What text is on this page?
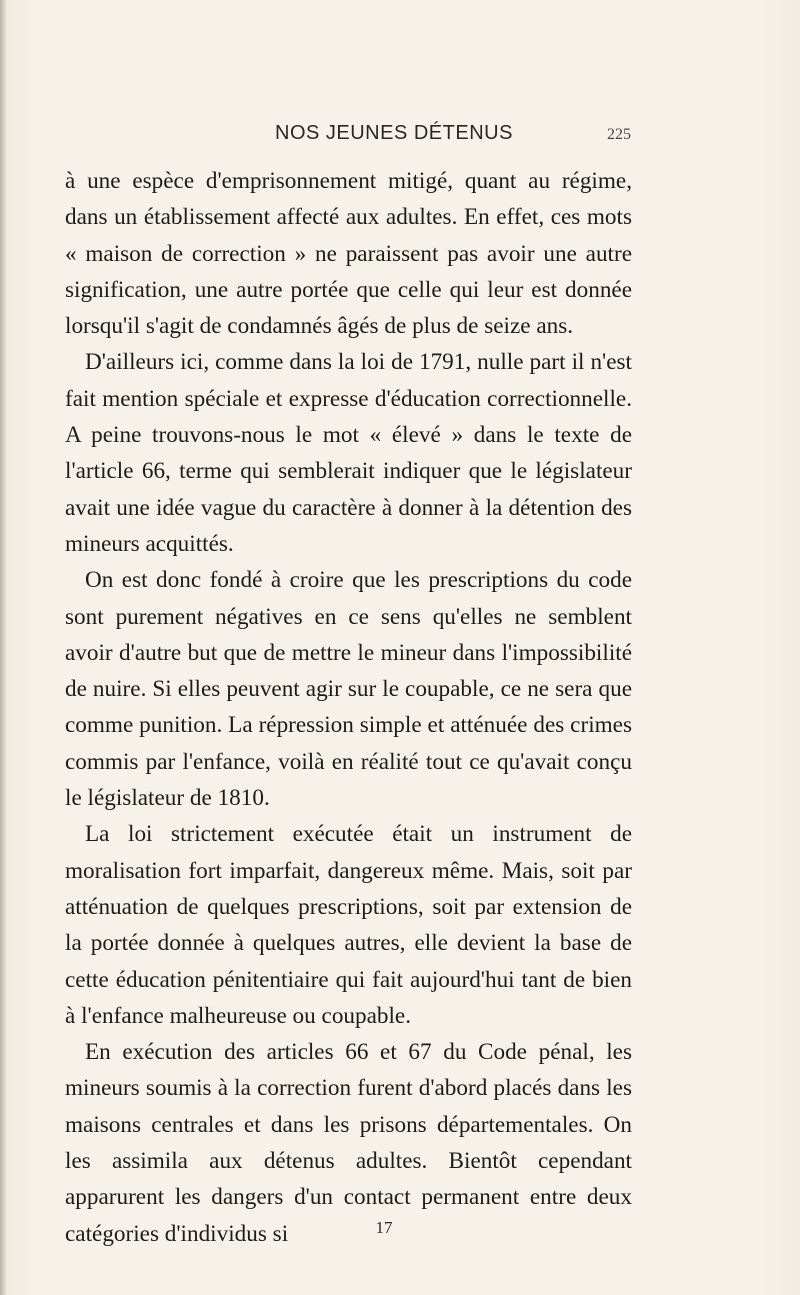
NOS JEUNES DÉTENUS	225

à une espèce d'emprisonnement mitigé, quant au régime, dans un établissement affecté aux adultes. En effet, ces mots « maison de correction » ne paraissent pas avoir une autre signification, une autre portée que celle qui leur est donnée lorsqu'il s'agit de condamnés âgés de plus de seize ans.

D'ailleurs ici, comme dans la loi de 1791, nulle part il n'est fait mention spéciale et expresse d'éducation correctionnelle. A peine trouvons-nous le mot « élevé » dans le texte de l'article 66, terme qui semblerait indiquer que le législateur avait une idée vague du caractère à donner à la détention des mineurs acquittés.

On est donc fondé à croire que les prescriptions du code sont purement négatives en ce sens qu'elles ne semblent avoir d'autre but que de mettre le mineur dans l'impossibilité de nuire. Si elles peuvent agir sur le coupable, ce ne sera que comme punition. La répression simple et atténuée des crimes commis par l'enfance, voilà en réalité tout ce qu'avait conçu le législateur de 1810.

La loi strictement exécutée était un instrument de moralisation fort imparfait, dangereux même. Mais, soit par atténuation de quelques prescriptions, soit par extension de la portée donnée à quelques autres, elle devient la base de cette éducation pénitentiaire qui fait aujourd'hui tant de bien à l'enfance malheureuse ou coupable.

En exécution des articles 66 et 67 du Code pénal, les mineurs soumis à la correction furent d'abord placés dans les maisons centrales et dans les prisons départementales. On les assimila aux détenus adultes. Bientôt cependant apparurent les dangers d'un contact permanent entre deux catégories d'individus si	17
